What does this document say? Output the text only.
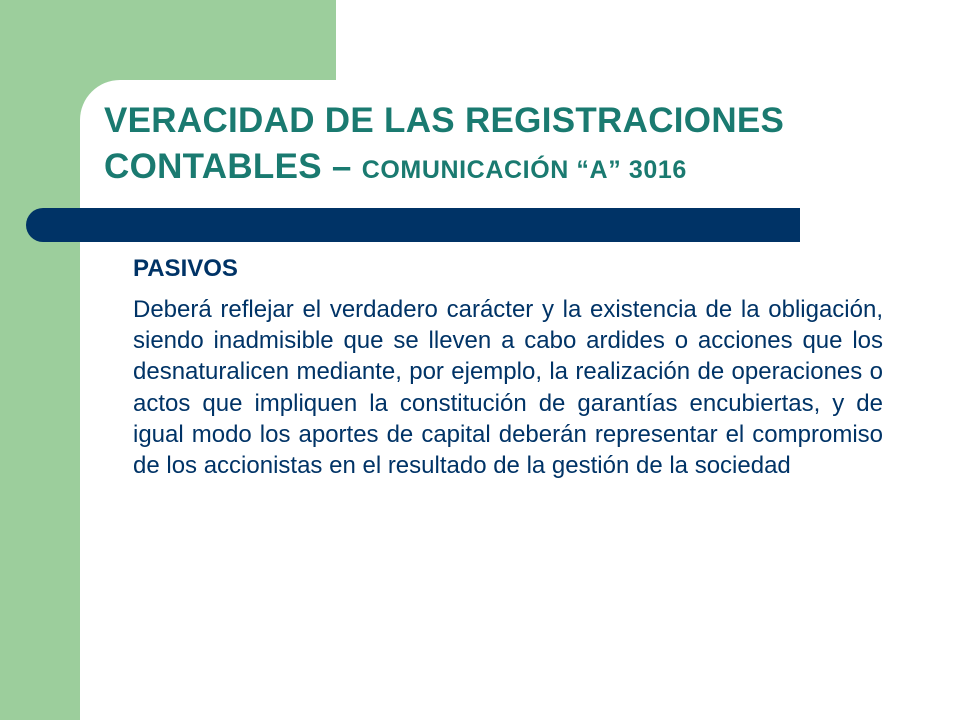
VERACIDAD DE LAS REGISTRACIONES CONTABLES – COMUNICACIÓN “A” 3016

PASIVOS

Deberá reflejar el verdadero carácter y la existencia de la obligación, siendo inadmisible que se lleven a cabo ardides o acciones que los desnaturalicen mediante, por ejemplo, la realización de operaciones o actos que impliquen la constitución de garantías encubiertas, y de igual modo los aportes de capital deberán representar el compromiso de los accionistas en el resultado de la gestión de la sociedad
